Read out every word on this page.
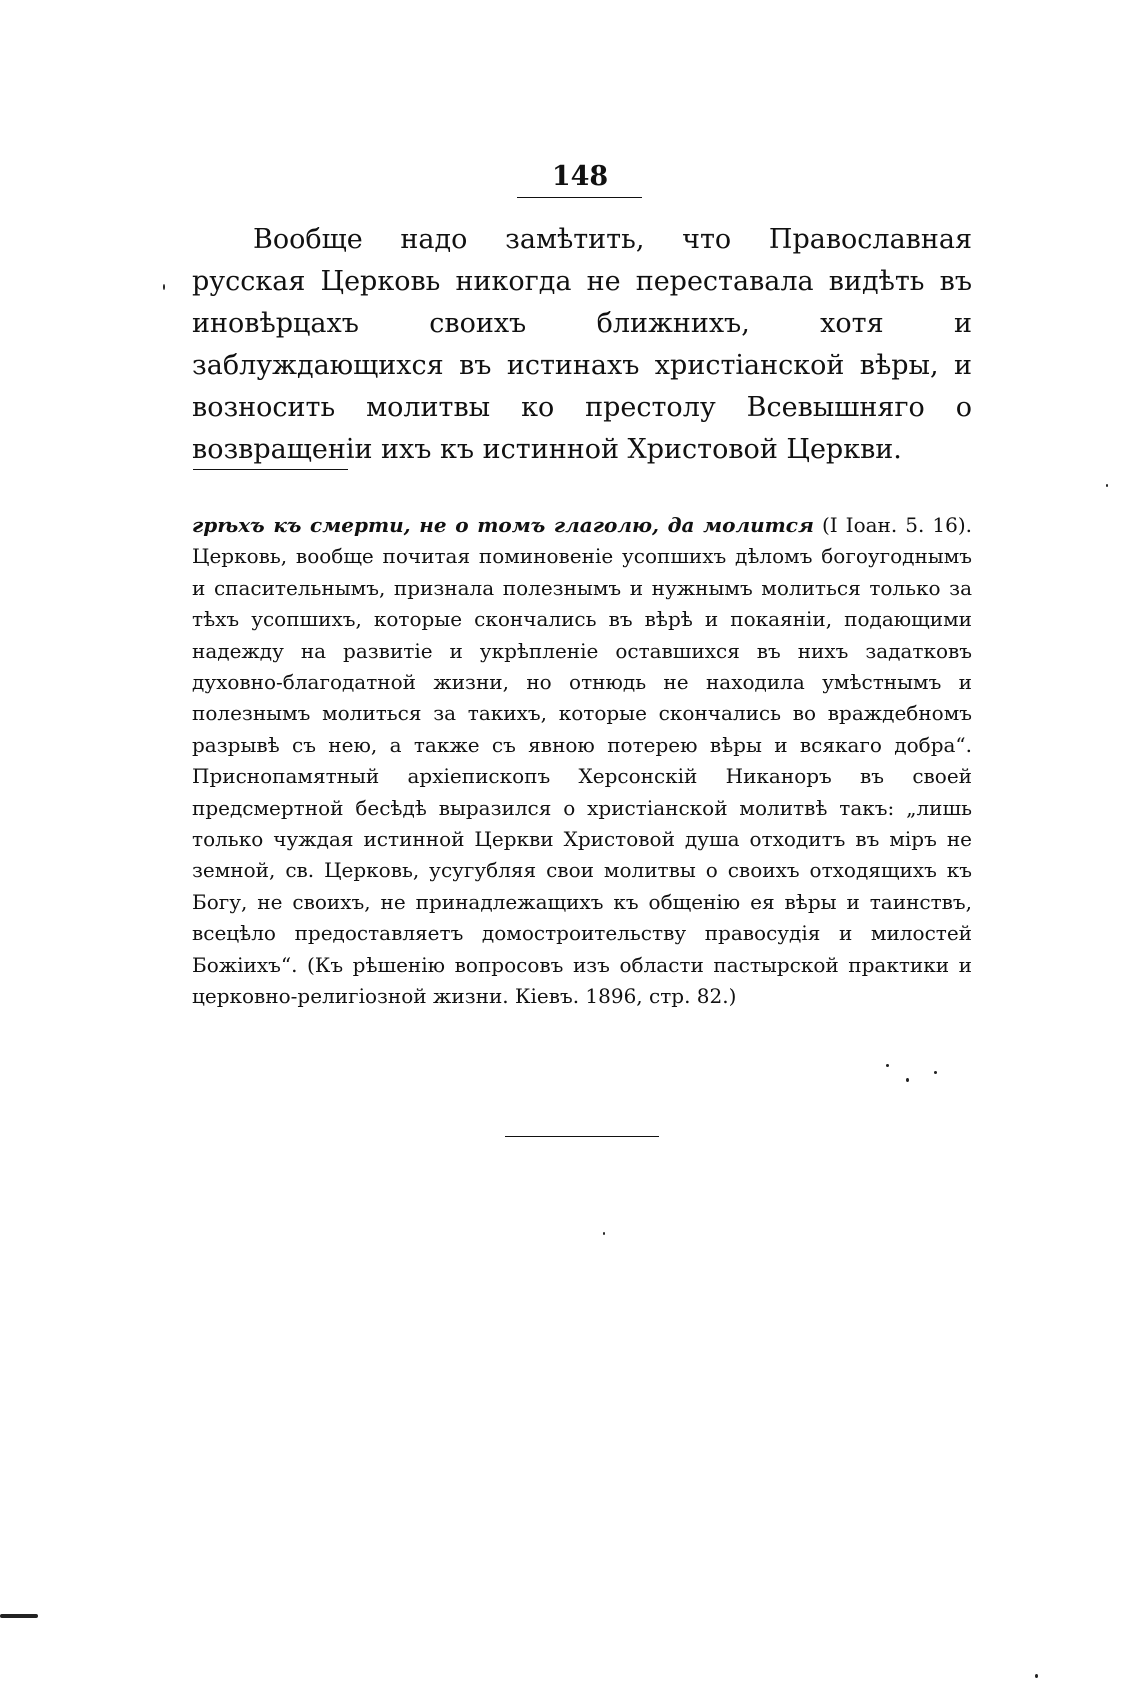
148

Вообще надо замѣтить, что Православная русская Церковь никогда не переставала видѣть въ иновѣрцахъ своихъ ближнихъ, хотя и заблуждающихся въ истинахъ христіанской вѣры, и возносить молитвы ко престолу Всевышняго о возвращеніи ихъ къ истинной Христовой Церкви.

грѣхъ къ смерти, не о томъ глаголю, да молится (І Іоан. 5. 16). Церковь, вообще почитая поминовеніе усопшихъ дѣломъ богоугоднымъ и спасительнымъ, признала полезнымъ и нужнымъ молиться только за тѣхъ усопшихъ, которые скончались въ вѣрѣ и покаяніи, подающими надежду на развитіе и укрѣпленіе оставшихся въ нихъ задатковъ духовно-благодатной жизни, но отнюдь не находила умѣстнымъ и полезнымъ молиться за такихъ, которые скончались во враждебномъ разрывѣ съ нею, а также съ явною потерею вѣры и всякаго добра“. Приснопамятный архіепископъ Херсонскій Никаноръ въ своей предсмертной бесѣдѣ выразился о христіанской молитвѣ такъ: „лишь только чуждая истинной Церкви Христовой душа отходитъ въ міръ не земной, св. Церковь, усугубляя свои молитвы о своихъ отходящихъ къ Богу, не своихъ, не принадлежащихъ къ общенію ея вѣры и таинствъ, всецѣло предоставляетъ домостроительству правосудія и милостей Божіихъ“. (Къ рѣшенію вопросовъ изъ области пастырской практики и церковно-религіозной жизни. Кіевъ. 1896, стр. 82.)
